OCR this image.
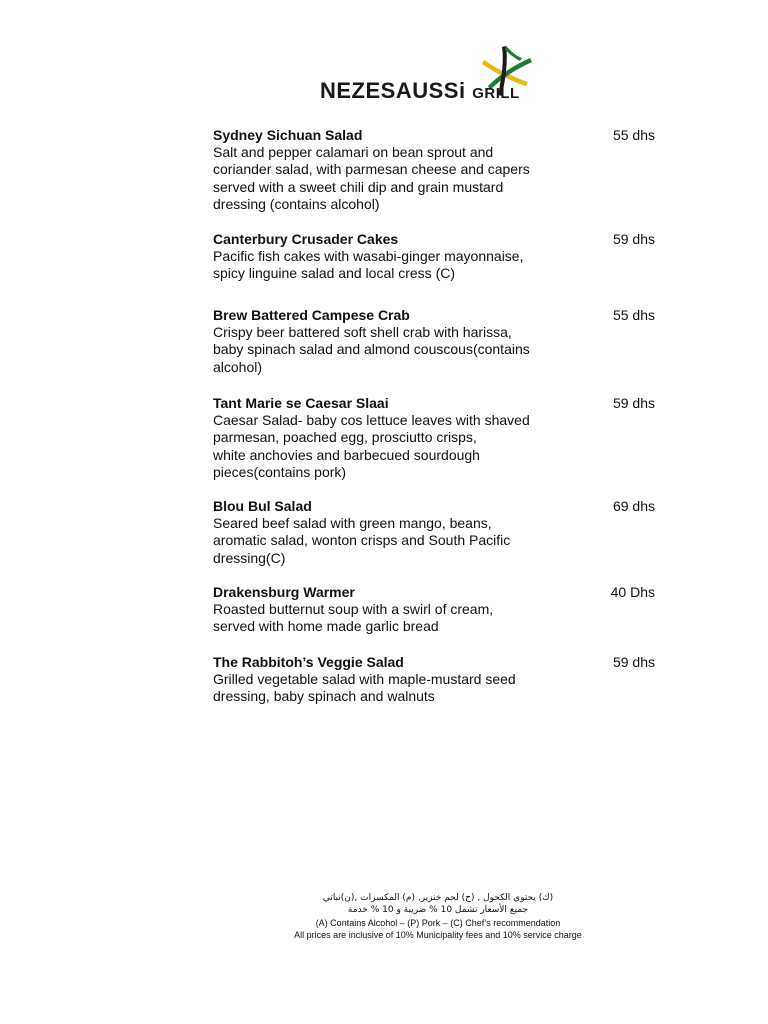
NEZESAUSSi GRILL
Sydney Sichuan Salad	55 dhs
Salt and pepper calamari on bean sprout and
coriander salad, with parmesan cheese and capers
served with a sweet chili dip and grain mustard
dressing (contains alcohol)
Canterbury Crusader Cakes	59 dhs
Pacific fish cakes with wasabi-ginger mayonnaise,
spicy linguine salad and local cress (C)
Brew Battered Campese Crab	55 dhs
Crispy beer battered soft shell crab with harissa,
baby spinach salad and almond couscous(contains
alcohol)
Tant Marie se Caesar Slaai	59 dhs
Caesar Salad- baby cos lettuce leaves with shaved
parmesan, poached egg, prosciutto crisps,
white anchovies and barbecued sourdough
pieces(contains pork)
Blou Bul Salad	69 dhs
Seared beef salad with green mango, beans,
aromatic salad, wonton crisps and South Pacific
dressing(C)
Drakensburg Warmer	40 Dhs
Roasted butternut soup with a swirl of cream,
served with home made garlic bread
The Rabbitoh’s Veggie Salad	59 dhs
Grilled vegetable salad with maple-mustard seed
dressing, baby spinach and walnuts
(ك) يحتوي الكحول , (ح) لحم خنزير, (م) المكسرات ,(ن)نباتي
جميع الأسعار تشمل 10 % ضريبة و 10 % خدمة
(A) Contains Alcohol – (P) Pork – (C) Chef’s recommendation
All prices are inclusive of 10% Municipality fees and 10% service charge
